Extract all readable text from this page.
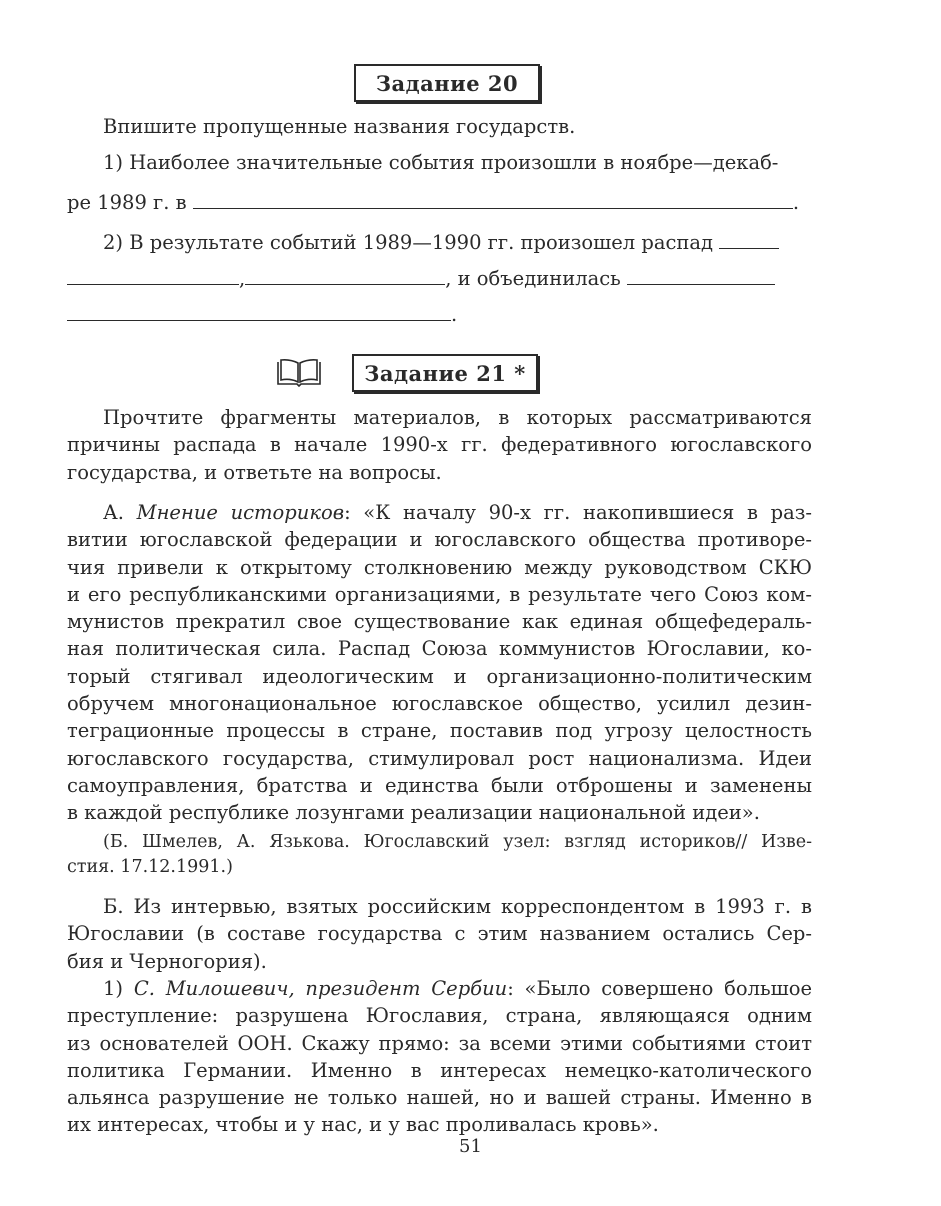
Задание 20
Впишите пропущенные названия государств.
1) Наиболее значительные события произошли в ноябре—декаб-
ре 1989 г. в	.
2) В результате событий 1989—1990 гг. произошел распад
,	, и объединилась
.
Задание 21 *
Прочтите фрагменты материалов, в которых рассматриваются
причины распада в начале 1990-х гг. федеративного югославского
государства, и ответьте на вопросы.
А. Мнение историков: «К началу 90-х гг. накопившиеся в раз-
витии югославской федерации и югославского общества противоре-
чия привели к открытому столкновению между руководством СКЮ
и его республиканскими организациями, в результате чего Союз ком-
мунистов прекратил свое существование как единая общефедераль-
ная политическая сила. Распад Союза коммунистов Югославии, ко-
торый стягивал идеологическим и организационно-политическим
обручем многонациональное югославское общество, усилил дезин-
теграционные процессы в стране, поставив под угрозу целостность
югославского государства, стимулировал рост национализма. Идеи
самоуправления, братства и единства были отброшены и заменены
в каждой республике лозунгами реализации национальной идеи».
(Б. Шмелев, А. Язькова. Югославский узел: взгляд историков// Изве-
стия. 17.12.1991.)
Б. Из интервью, взятых российским корреспондентом в 1993 г. в
Югославии (в составе государства с этим названием остались Сер-
бия и Черногория).
1) С. Милошевич, президент Сербии: «Было совершено большое
преступление: разрушена Югославия, страна, являющаяся одним
из основателей ООН. Скажу прямо: за всеми этими событиями стоит
политика Германии. Именно в интересах немецко-католического
альянса разрушение не только нашей, но и вашей страны. Именно в
их интересах, чтобы и у нас, и у вас проливалась кровь».
51
